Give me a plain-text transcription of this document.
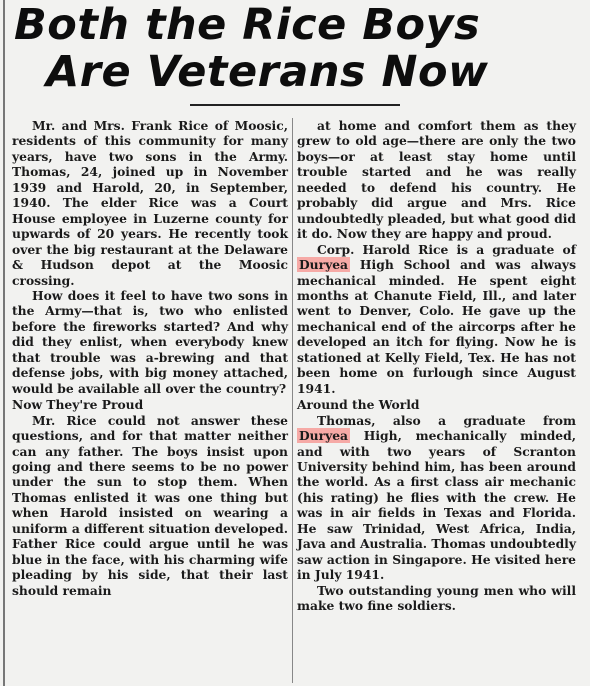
Both the Rice Boys
Are Veterans Now

Mr. and Mrs. Frank Rice of Moosic, residents of this community for many years, have two sons in the Army. Thomas, 24, joined up in November 1939 and Harold, 20, in September, 1940. The elder Rice was a Court House employee in Luzerne county for upwards of 20 years. He recently took over the big restaurant at the Delaware & Hudson depot at the Moosic crossing.

How does it feel to have two sons in the Army—that is, two who enlisted before the fireworks started? And why did they enlist, when everybody knew that trouble was a-brewing and that defense jobs, with big money attached, would be available all over the country?

Now They're Proud

Mr. Rice could not answer these questions, and for that matter neither can any father. The boys insist upon going and there seems to be no power under the sun to stop them. When Thomas enlisted it was one thing but when Harold insisted on wearing a uniform a different situation developed. Father Rice could argue until he was blue in the face, with his charming wife pleading by his side, that their last should remain

at home and comfort them as they grew to old age—there are only the two boys—or at least stay home until trouble started and he was really needed to defend his country. He probably did argue and Mrs. Rice undoubtedly pleaded, but what good did it do. Now they are happy and proud.

Corp. Harold Rice is a graduate of Duryea High School and was always mechanical minded. He spent eight months at Chanute Field, Ill., and later went to Denver, Colo. He gave up the mechanical end of the aircorps after he developed an itch for flying. Now he is stationed at Kelly Field, Tex. He has not been home on furlough since August 1941.

Around the World

Thomas, also a graduate from Duryea High, mechanically minded, and with two years of Scranton University behind him, has been around the world. As a first class air mechanic (his rating) he flies with the crew. He was in air fields in Texas and Florida. He saw Trinidad, West Africa, India, Java and Australia. Thomas undoubtedly saw action in Singapore. He visited here in July 1941.

Two outstanding young men who will make two fine soldiers.
